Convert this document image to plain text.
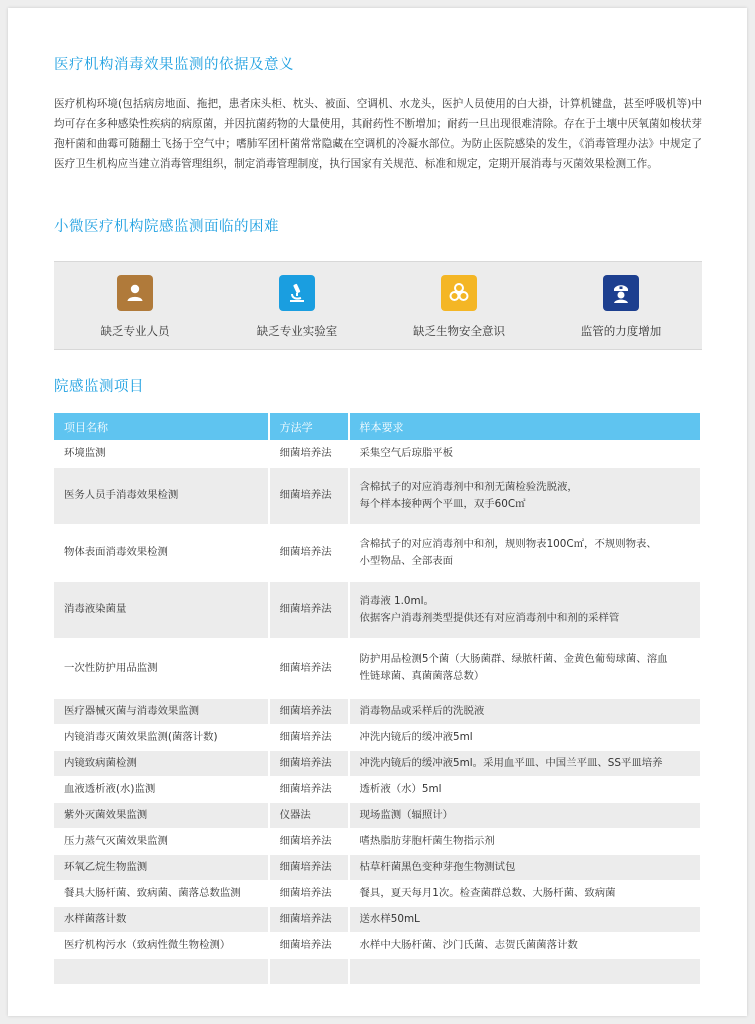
医疗机构消毒效果监测的依据及意义
医疗机构环境(包括病房地面、拖把，患者床头柜、枕头、被面、空调机、水龙头，医护人员使用的白大褂，计算机键盘，甚至呼吸机等)中均可存在多种感染性疾病的病原菌，并因抗菌药物的大量使用，其耐药性不断增加；耐药一旦出现很难清除。存在于土壤中厌氧菌如梭状芽孢杆菌和曲霉可随翻土飞扬于空气中；嗜肺军团杆菌常常隐藏在空调机的冷凝水部位。为防止医院感染的发生，《消毒管理办法》中规定了医疗卫生机构应当建立消毒管理组织，制定消毒管理制度，执行国家有关规范、标准和规定，定期开展消毒与灭菌效果检测工作。
小微医疗机构院感监测面临的困难
缺乏专业人员	缺乏专业实验室	缺乏生物安全意识	监管的力度增加
院感监测项目
项目名称	方法学	样本要求
环境监测	细菌培养法	采集空气后琼脂平板
医务人员手消毒效果检测	细菌培养法	含棉拭子的对应消毒剂中和剂无菌检验洗脱液，
每个样本接种两个平皿，双手60C㎡

物体表面消毒效果检测	细菌培养法	含棉拭子的对应消毒剂中和剂，规则物表100C㎡，不规则物表、
小型物品、全部表面

消毒液染菌量	细菌培养法	消毒液 1.0ml。
依据客户消毒剂类型提供还有对应消毒剂中和剂的采样管

一次性防护用品监测	细菌培养法	防护用品检测5个菌（大肠菌群、绿脓杆菌、金黄色葡萄球菌、溶血
性链球菌、真菌菌落总数）

医疗器械灭菌与消毒效果监测	细菌培养法	消毒物品或采样后的洗脱液
内镜消毒灭菌效果监测(菌落计数)	细菌培养法	冲洗内镜后的缓冲液5ml
内镜致病菌检测	细菌培养法	冲洗内镜后的缓冲液5ml。采用血平皿、中国兰平皿、SS平皿培养
血液透析液(水)监测	细菌培养法	透析液（水）5ml
紫外灭菌效果监测	仪器法	现场监测（辐照计）
压力蒸气灭菌效果监测	细菌培养法	嗜热脂肪芽胞杆菌生物指示剂
环氧乙烷生物监测	细菌培养法	枯草杆菌黑色变种芽孢生物测试包
餐具大肠杆菌、致病菌、菌落总数监测	细菌培养法	餐具，夏天每月1次。检查菌群总数、大肠杆菌、致病菌
水样菌落计数	细菌培养法	送水样50mL
医疗机构污水（致病性微生物检测）	细菌培养法	水样中大肠杆菌、沙门氏菌、志贺氏菌菌落计数
